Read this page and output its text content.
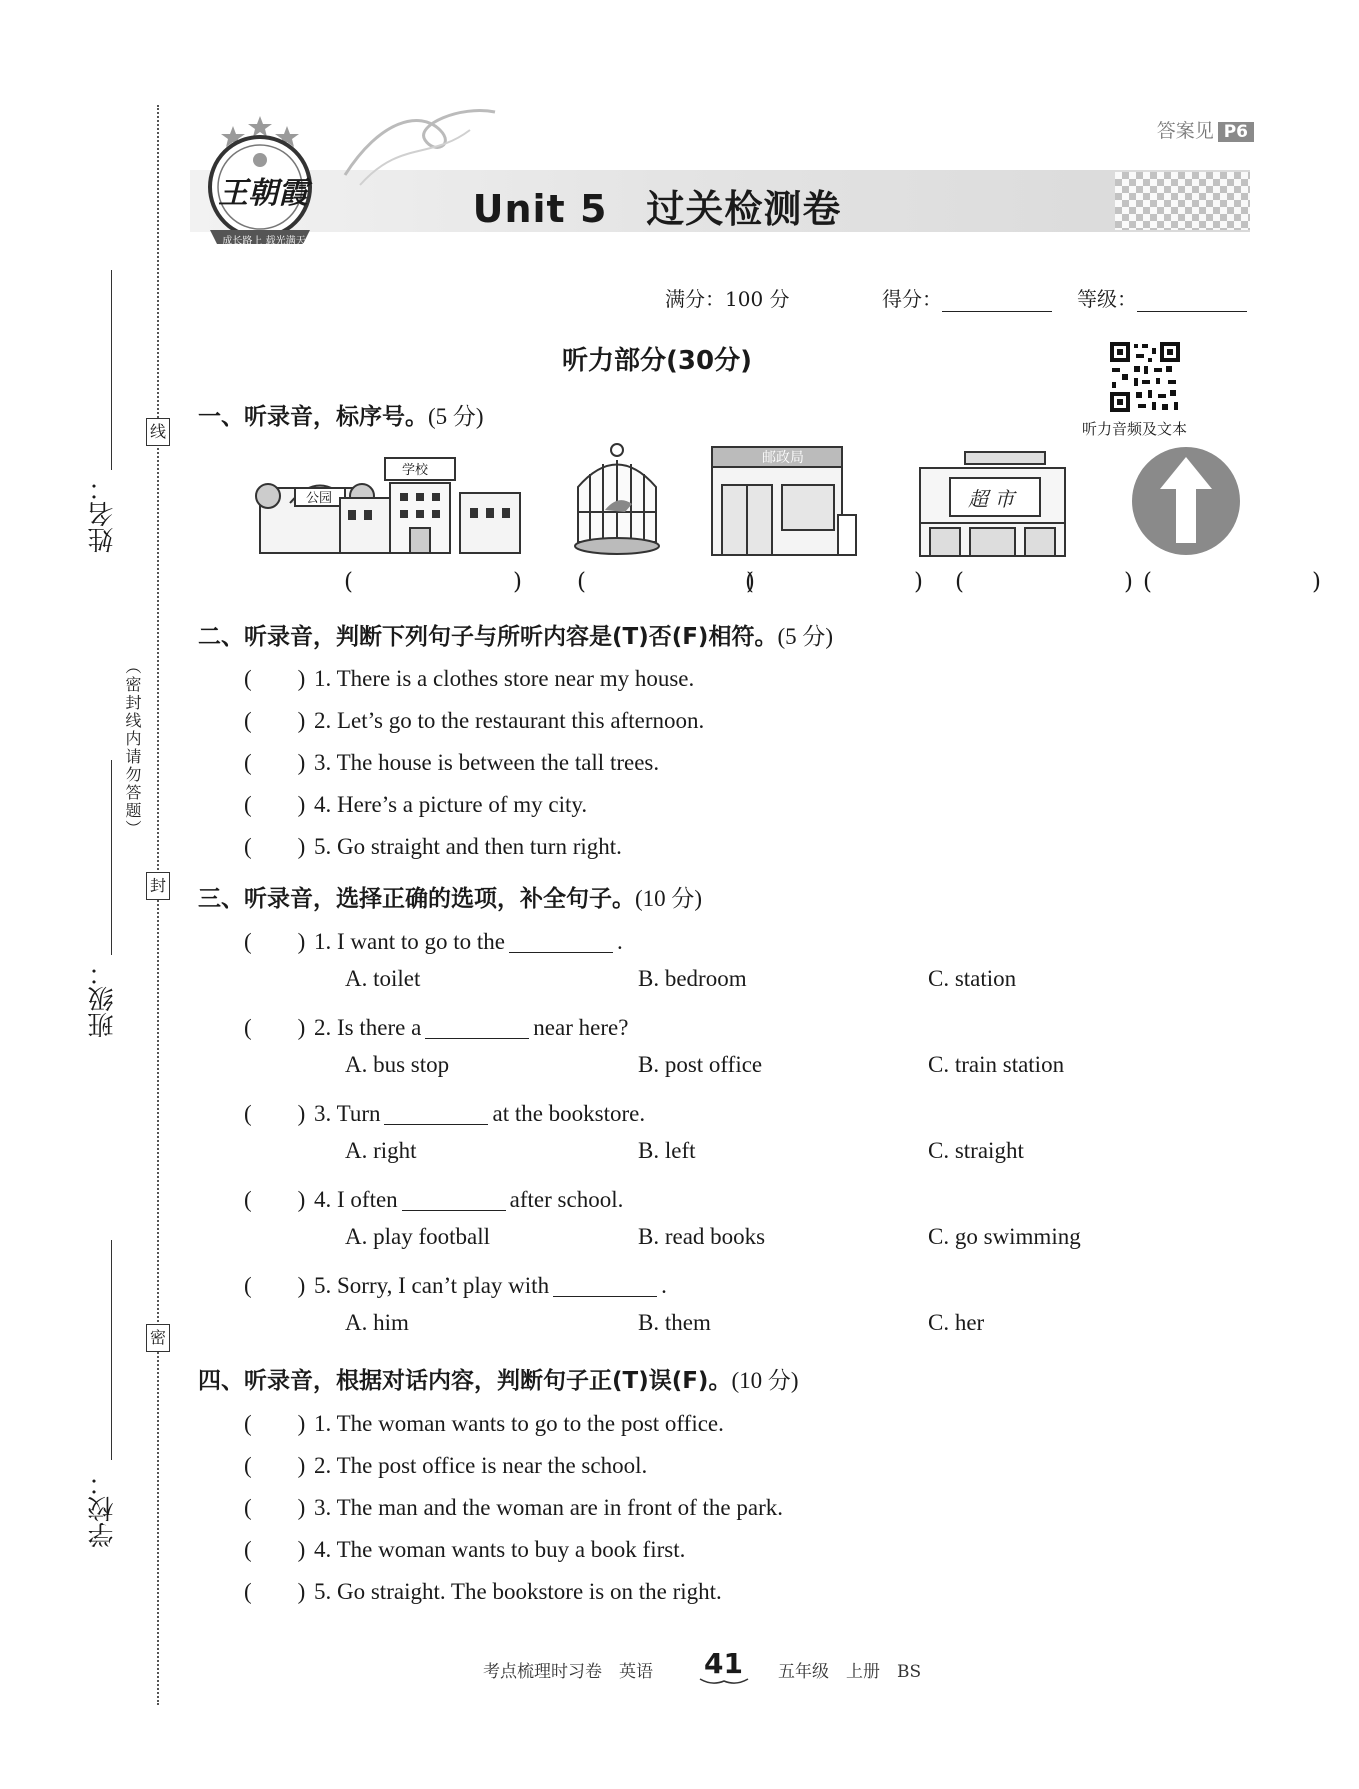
姓名：
班级：
学校：
线
封
密
（密封线内请勿答题）
答案见 P6
王朝霞
成长路上 载光满天
Unit 5　过关检测卷
满分：100 分	得分：	等级：
听力音频及文本
听力部分(30分)
一、听录音，标序号。(5 分)
公园
学校
邮政局
超 市
(　　) (　　)
(　　)
(　　)
(　　)
二、听录音，判断下列句子与所听内容是(T)否(F)相符。(5 分)
(　　) 1. There is a clothes store near my house.
(　　) 2. Let’s go to the restaurant this afternoon.
(　　) 3. The house is between the tall trees.
(　　) 4. Here’s a picture of my city.
(　　) 5. Go straight and then turn right.
三、听录音，选择正确的选项，补全句子。(10 分)
(　　) 1. I want to go to the	.
A. toilet	B. bedroom	C. station
(　　) 2. Is there a	near here?
A. bus stop	B. post office	C. train station
(　　) 3. Turn	at the bookstore.
A. right	B. left	C. straight
(　　) 4. I often	after school.
A. play football	B. read books	C. go swimming
(　　) 5. Sorry, I can’t play with	.
A. him	B. them	C. her
四、听录音，根据对话内容，判断句子正(T)误(F)。(10 分)
(　　) 1. The woman wants to go to the post office.
(　　) 2. The post office is near the school.
(　　) 3. The man and the woman are in front of the park.
(　　) 4. The woman wants to buy a book first.
(　　) 5. Go straight. The bookstore is on the right.
考点梳理时习卷　英语 41 五年级　上册　BS
